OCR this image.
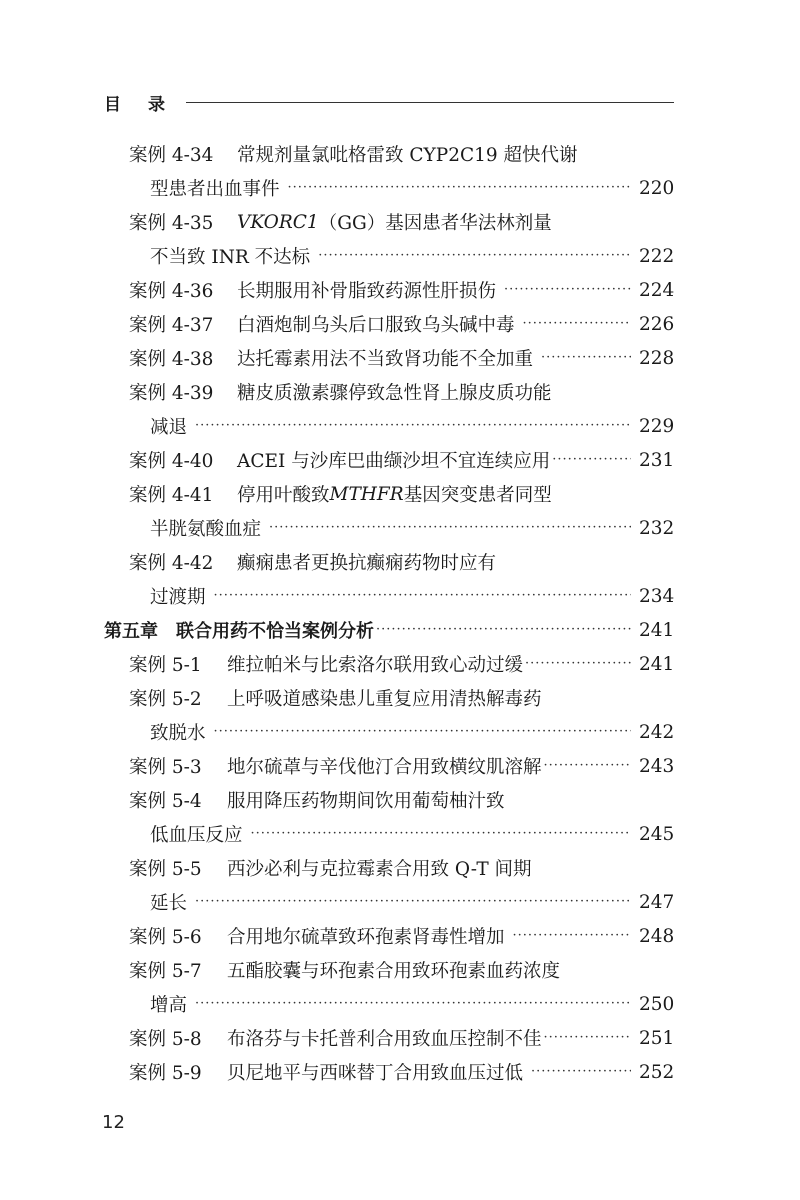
目录
案例 4-34	常规剂量氯吡格雷致 CYP2C19 超快代谢
型患者出血事件 ·····	220
案例 4-35	VKORC1 （GG）基因患者华法林剂量
不当致 INR 不达标 ·····	222
案例 4-36	长期服用补骨脂致药源性肝损伤 ·····	224
案例 4-37	白酒炮制乌头后口服致乌头碱中毒 ·····	226
案例 4-38	达托霉素用法不当致肾功能不全加重 ·····	228
案例 4-39	糖皮质激素骤停致急性肾上腺皮质功能
减退 ·····	229
案例 4-40	ACEI 与沙库巴曲缬沙坦不宜连续应用 ·····	231
案例 4-41	停用叶酸致 MTHFR 基因突变患者同型
半胱氨酸血症 ·····	232
案例 4-42	癫痫患者更换抗癫痫药物时应有
过渡期 ·····	234
第五章　联合用药不恰当案例分析 ·····	241
案例 5-1	维拉帕米与比索洛尔联用致心动过缓 ·····	241
案例 5-2	上呼吸道感染患儿重复应用清热解毒药
致脱水 ·····	242
案例 5-3	地尔硫䓬与辛伐他汀合用致横纹肌溶解 ·····	243
案例 5-4	服用降压药物期间饮用葡萄柚汁致
低血压反应 ·····	245
案例 5-5	西沙必利与克拉霉素合用致 Q-T 间期
延长 ·····	247
案例 5-6	合用地尔硫䓬致环孢素肾毒性增加 ·····	248
案例 5-7	五酯胶囊与环孢素合用致环孢素血药浓度
增高 ·····	250
案例 5-8	布洛芬与卡托普利合用致血压控制不佳 ·····	251
案例 5-9	贝尼地平与西咪替丁合用致血压过低 ·····	252
12
